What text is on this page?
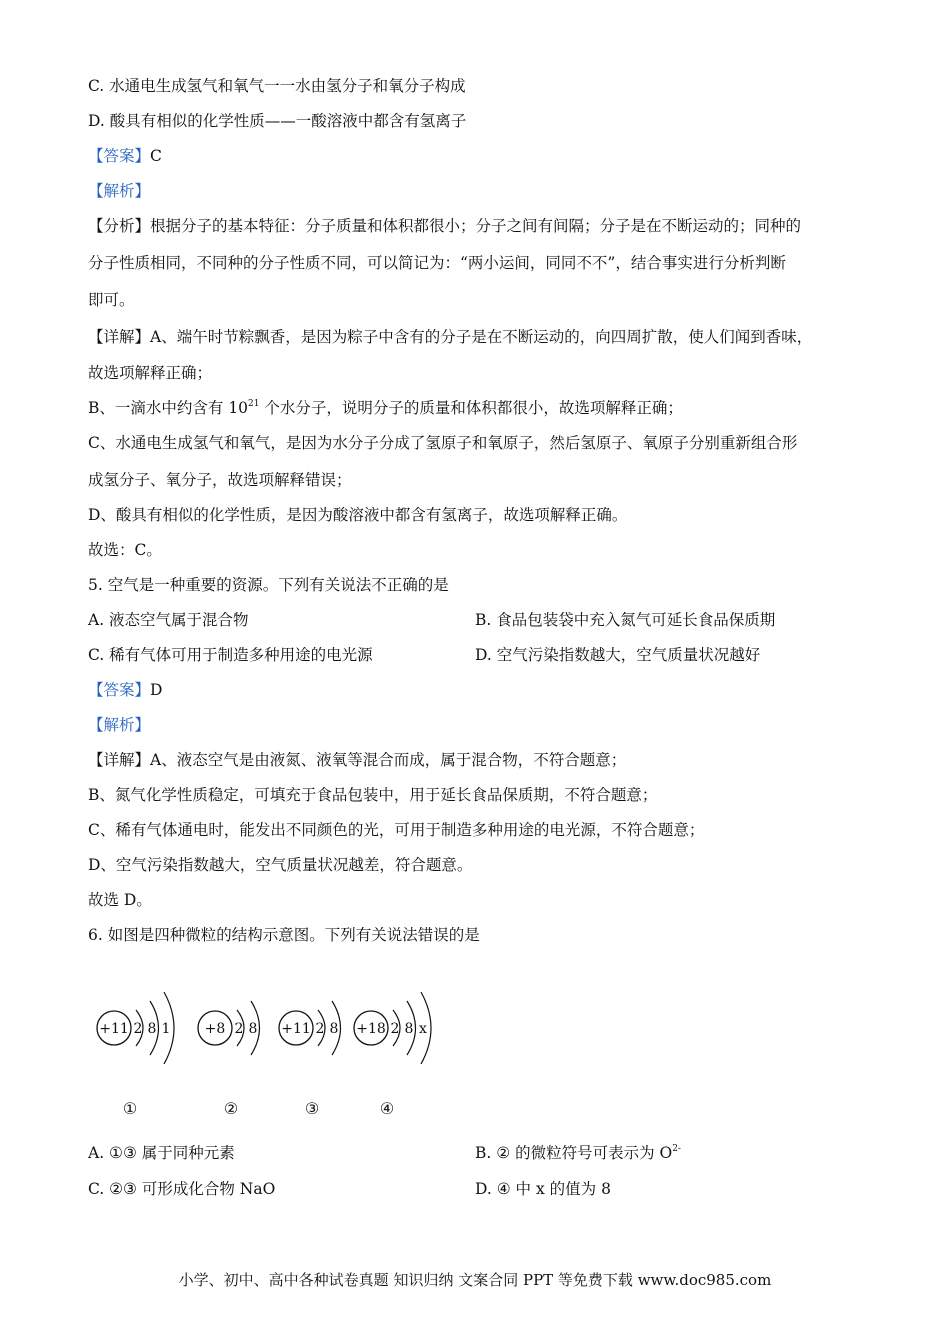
C. 水通电生成氢气和氧气一一水由氢分子和氧分子构成
D. 酸具有相似的化学性质——一酸溶液中都含有氢离子
【答案】C
【解析】
【分析】根据分子的基本特征：分子质量和体积都很小；分子之间有间隔；分子是在不断运动的；同种的
分子性质相同，不同种的分子性质不同，可以简记为：“两小运间，同同不不”，结合事实进行分析判断
即可。
【详解】A、端午时节粽飘香，是因为粽子中含有的分子是在不断运动的，向四周扩散，使人们闻到香味，
故选项解释正确；
B、一滴水中约含有 $10^{21}$ 个水分子，说明分子的质量和体积都很小，故选项解释正确；
C、水通电生成氢气和氧气，是因为水分子分成了氢原子和氧原子，然后氢原子、氧原子分别重新组合形
成氢分子、氧分子，故选项解释错误；
D、酸具有相似的化学性质，是因为酸溶液中都含有氢离子，故选项解释正确。
故选：C。
5. 空气是一种重要的资源。下列有关说法不正确的是
A. 液态空气属于混合物	B. 食品包装袋中充入氮气可延长食品保质期
C. 稀有气体可用于制造多种用途的电光源	D. 空气污染指数越大，空气质量状况越好
【答案】D
【解析】
【详解】A、液态空气是由液氮、液氧等混合而成，属于混合物，不符合题意；
B、氮气化学性质稳定，可填充于食品包装中，用于延长食品保质期，不符合题意；
C、稀有气体通电时，能发出不同颜色的光，可用于制造多种用途的电光源，不符合题意；
D、空气污染指数越大，空气质量状况越差，符合题意。
故选 D。
6. 如图是四种微粒的结构示意图。下列有关说法错误的是
+11 2 8 1
①
+8 2 8
②
+11 2 8
③
+18 2 8 x
④
A. ①③ 属于同种元素	B. ② 的微粒符号可表示为 $O^{2-}$
C. ②③ 可形成化合物 NaO	D. ④ 中 x 的值为 8
小学、初中、高中各种试卷真题 知识归纳 文案合同 PPT 等免费下载 www.doc985.com
